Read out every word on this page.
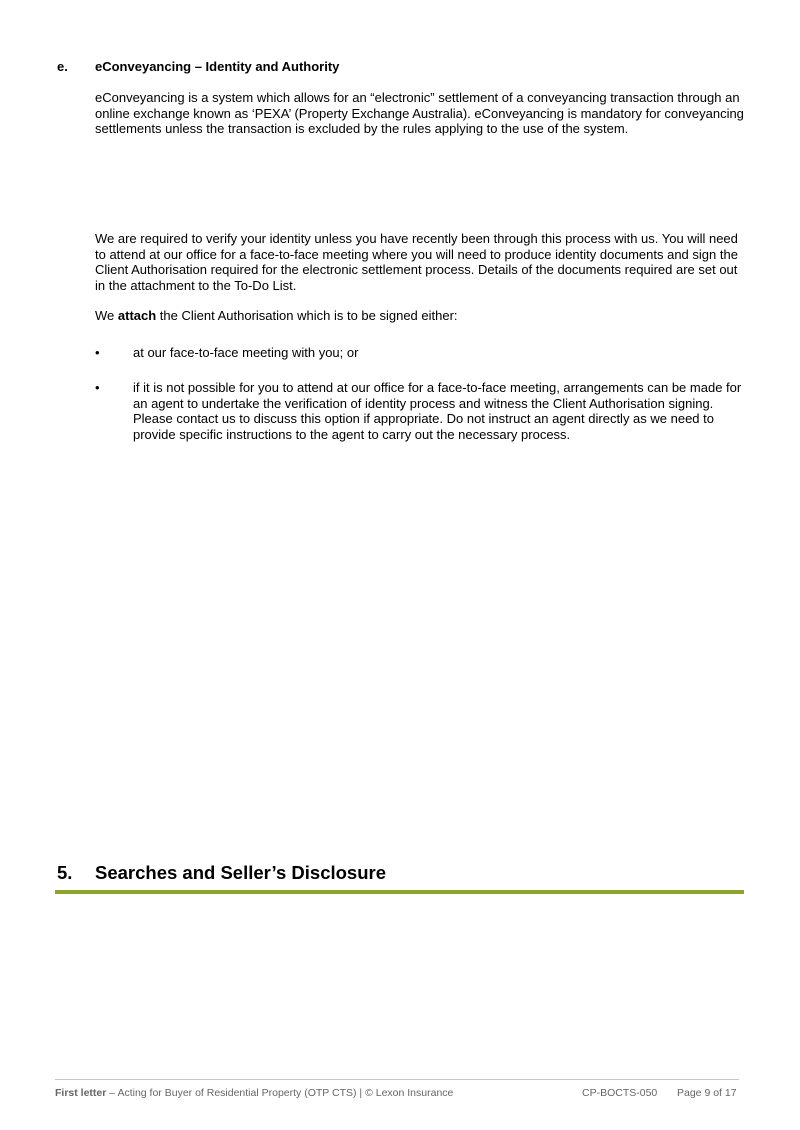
e. eConveyancing – Identity and Authority

eConveyancing is a system which allows for an “electronic” settlement of a conveyancing transaction through an online exchange known as ‘PEXA’ (Property Exchange Australia). eConveyancing is mandatory for conveyancing settlements unless the transaction is excluded by the rules applying to the use of the system.

We are required to verify your identity unless you have recently been through this process with us. You will need to attend at our office for a face-to-face meeting where you will need to produce identity documents and sign the Client Authorisation required for the electronic settlement process. Details of the documents required are set out in the attachment to the To-Do List.

We attach the Client Authorisation which is to be signed either:

•	at our face-to-face meeting with you; or
•	if it is not possible for you to attend at our office for a face-to-face meeting, arrangements can be made for an agent to undertake the verification of identity process and witness the Client Authorisation signing. Please contact us to discuss this option if appropriate. Do not instruct an agent directly as we need to provide specific instructions to the agent to carry out the necessary process.
5. Searches and Seller’s Disclosure
First letter – Acting for Buyer of Residential Property (OTP CTS) | © Lexon Insurance	CP-BOCTS-050 Page 9 of 17
